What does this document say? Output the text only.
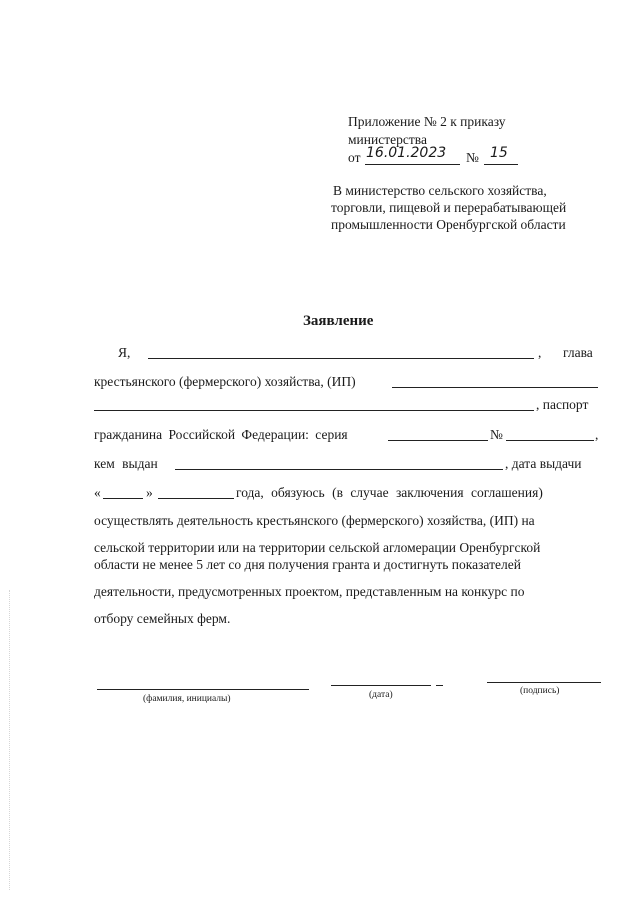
Приложение № 2 к приказу
министерства
от 16.01.2023 № 15
В министерство сельского хозяйства,
торговли, пищевой и перерабатывающей
промышленности Оренбургской области
Заявление
Я,	, глава
крестьянского (фермерского) хозяйства, (ИП)
, паспорт
гражданина Российской Федерации: серия	№	,
кем выдан	, дата выдачи
«	»	года, обязуюсь (в случае заключения соглашения)
осуществлять деятельность крестьянского (фермерского) хозяйства, (ИП) на
сельской территории или на территории сельской агломерации Оренбургской
области не менее 5 лет со дня получения гранта и достигнуть показателей
деятельности, предусмотренных проектом, представленным на конкурс по
отбору семейных ферм.
(фамилия, инициалы)	(дата)	(подпись)
